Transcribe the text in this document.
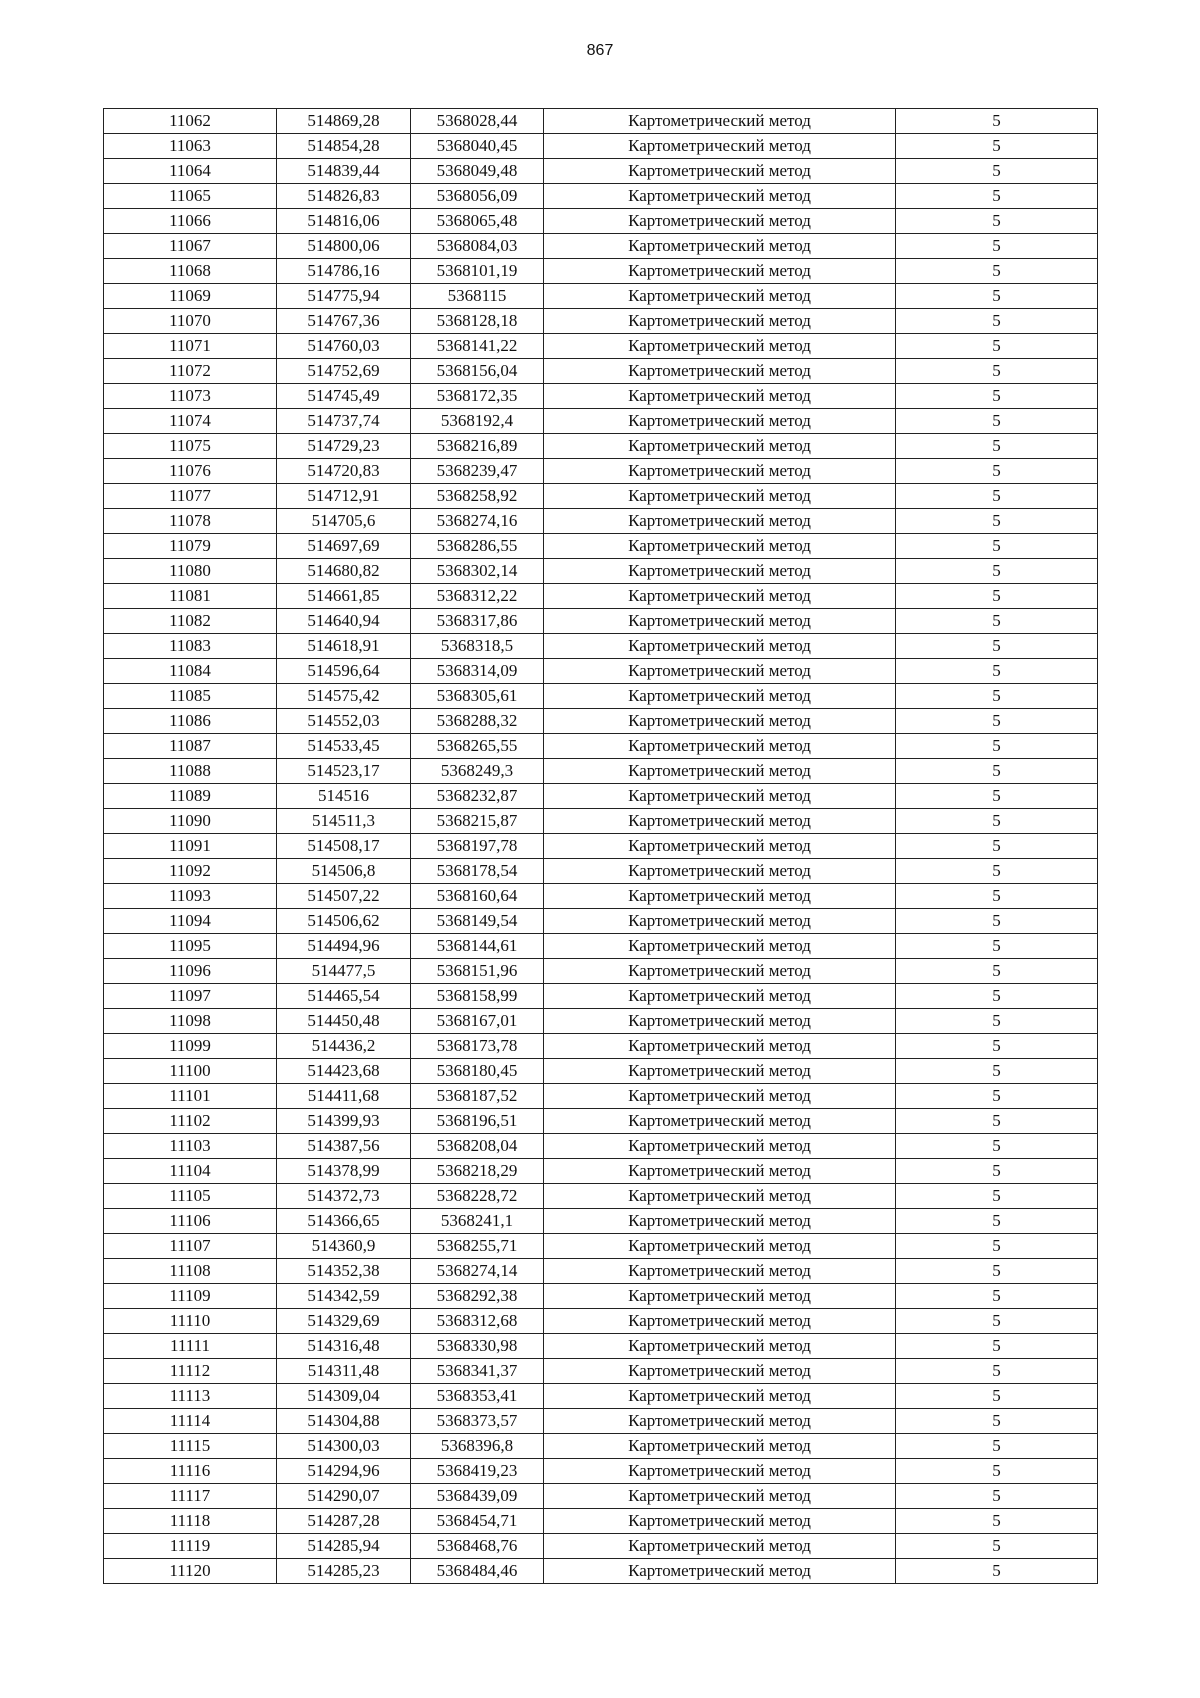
867
11062	514869,28	5368028,44	Картометрический метод	5
11063	514854,28	5368040,45	Картометрический метод	5
11064	514839,44	5368049,48	Картометрический метод	5
11065	514826,83	5368056,09	Картометрический метод	5
11066	514816,06	5368065,48	Картометрический метод	5
11067	514800,06	5368084,03	Картометрический метод	5
11068	514786,16	5368101,19	Картометрический метод	5
11069	514775,94	5368115	Картометрический метод	5
11070	514767,36	5368128,18	Картометрический метод	5
11071	514760,03	5368141,22	Картометрический метод	5
11072	514752,69	5368156,04	Картометрический метод	5
11073	514745,49	5368172,35	Картометрический метод	5
11074	514737,74	5368192,4	Картометрический метод	5
11075	514729,23	5368216,89	Картометрический метод	5
11076	514720,83	5368239,47	Картометрический метод	5
11077	514712,91	5368258,92	Картометрический метод	5
11078	514705,6	5368274,16	Картометрический метод	5
11079	514697,69	5368286,55	Картометрический метод	5
11080	514680,82	5368302,14	Картометрический метод	5
11081	514661,85	5368312,22	Картометрический метод	5
11082	514640,94	5368317,86	Картометрический метод	5
11083	514618,91	5368318,5	Картометрический метод	5
11084	514596,64	5368314,09	Картометрический метод	5
11085	514575,42	5368305,61	Картометрический метод	5
11086	514552,03	5368288,32	Картометрический метод	5
11087	514533,45	5368265,55	Картометрический метод	5
11088	514523,17	5368249,3	Картометрический метод	5
11089	514516	5368232,87	Картометрический метод	5
11090	514511,3	5368215,87	Картометрический метод	5
11091	514508,17	5368197,78	Картометрический метод	5
11092	514506,8	5368178,54	Картометрический метод	5
11093	514507,22	5368160,64	Картометрический метод	5
11094	514506,62	5368149,54	Картометрический метод	5
11095	514494,96	5368144,61	Картометрический метод	5
11096	514477,5	5368151,96	Картометрический метод	5
11097	514465,54	5368158,99	Картометрический метод	5
11098	514450,48	5368167,01	Картометрический метод	5
11099	514436,2	5368173,78	Картометрический метод	5
11100	514423,68	5368180,45	Картометрический метод	5
11101	514411,68	5368187,52	Картометрический метод	5
11102	514399,93	5368196,51	Картометрический метод	5
11103	514387,56	5368208,04	Картометрический метод	5
11104	514378,99	5368218,29	Картометрический метод	5
11105	514372,73	5368228,72	Картометрический метод	5
11106	514366,65	5368241,1	Картометрический метод	5
11107	514360,9	5368255,71	Картометрический метод	5
11108	514352,38	5368274,14	Картометрический метод	5
11109	514342,59	5368292,38	Картометрический метод	5
11110	514329,69	5368312,68	Картометрический метод	5
11111	514316,48	5368330,98	Картометрический метод	5
11112	514311,48	5368341,37	Картометрический метод	5
11113	514309,04	5368353,41	Картометрический метод	5
11114	514304,88	5368373,57	Картометрический метод	5
11115	514300,03	5368396,8	Картометрический метод	5
11116	514294,96	5368419,23	Картометрический метод	5
11117	514290,07	5368439,09	Картометрический метод	5
11118	514287,28	5368454,71	Картометрический метод	5
11119	514285,94	5368468,76	Картометрический метод	5
11120	514285,23	5368484,46	Картометрический метод	5
